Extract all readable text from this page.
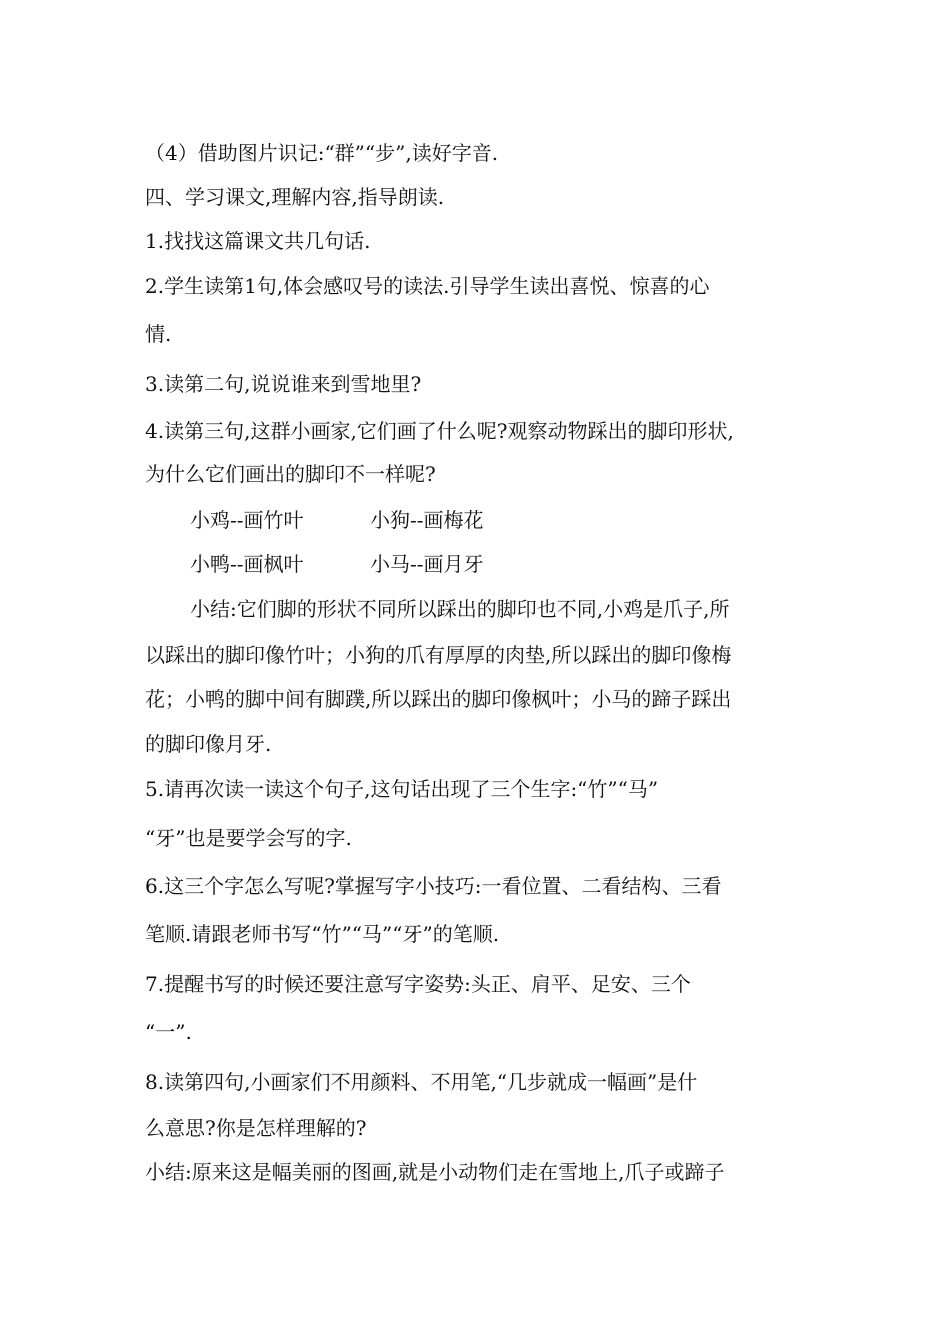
（4）借助图片识记:“群”“步”,读好字音.
四、学习课文,理解内容,指导朗读.
1.找找这篇课文共几句话.
2.学生读第1句,体会感叹号的读法.引导学生读出喜悦、惊喜的心
情.
3.读第二句,说说谁来到雪地里?
4.读第三句,这群小画家,它们画了什么呢?观察动物踩出的脚印形状,
为什么它们画出的脚印不一样呢?
小鸡--画竹叶	小狗--画梅花
小鸭--画枫叶	小马--画月牙
小结:它们脚的形状不同所以踩出的脚印也不同,小鸡是爪子,所
以踩出的脚印像竹叶；小狗的爪有厚厚的肉垫,所以踩出的脚印像梅
花；小鸭的脚中间有脚蹼,所以踩出的脚印像枫叶；小马的蹄子踩出
的脚印像月牙.
5.请再次读一读这个句子,这句话出现了三个生字:“竹”“马”
“牙”也是要学会写的字.
6.这三个字怎么写呢?掌握写字小技巧:一看位置、二看结构、三看
笔顺.请跟老师书写“竹”“马”“牙”的笔顺.
7.提醒书写的时候还要注意写字姿势:头正、肩平、足安、三个
“一”.
8.读第四句,小画家们不用颜料、不用笔,“几步就成一幅画”是什
么意思?你是怎样理解的?
小结:原来这是幅美丽的图画,就是小动物们走在雪地上,爪子或蹄子
